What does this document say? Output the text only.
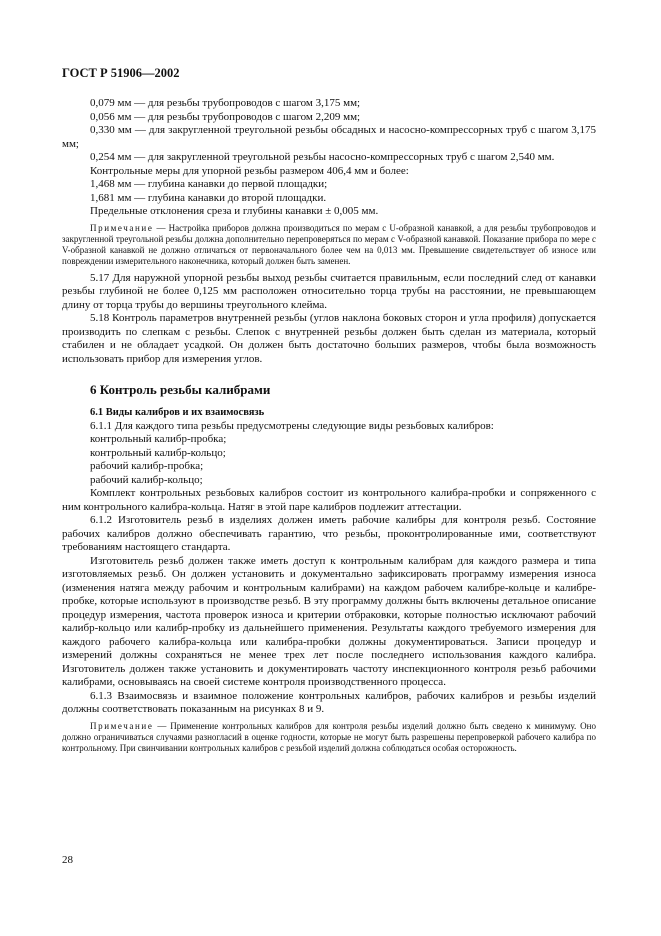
ГОСТ Р 51906—2002

0,079 мм — для резьбы трубопроводов с шагом 3,175 мм;

0,056 мм — для резьбы трубопроводов с шагом 2,209 мм;

0,330 мм — для закругленной треугольной резьбы обсадных и насосно-компрессорных труб с шагом 3,175 мм;

0,254 мм — для закругленной треугольной резьбы насосно-компрессорных труб с шагом 2,540 мм.

Контрольные меры для упорной резьбы размером 406,4 мм и более:

1,468 мм — глубина канавки до первой площадки;

1,681 мм — глубина канавки до второй площадки.

Предельные отклонения среза и глубины канавки ± 0,005 мм.

Примечание — Настройка приборов должна производиться по мерам с U-образной канавкой, а для резьбы трубопроводов и закругленной треугольной резьбы должна дополнительно перепроверяться по мерам с V-образной канавкой. Показание прибора по мере с V-образной канавкой не должно отличаться от первоначального более чем на 0,013 мм. Превышение свидетельствует об износе или повреждении измерительного наконечника, который должен быть заменен.

5.17 Для наружной упорной резьбы выход резьбы считается правильным, если последний след от канавки резьбы глубиной не более 0,125 мм расположен относительно торца трубы на расстоянии, не превышающем длину от торца трубы до вершины треугольного клейма.

5.18 Контроль параметров внутренней резьбы (углов наклона боковых сторон и угла профиля) допускается производить по слепкам с резьбы. Слепок с внутренней резьбы должен быть сделан из материала, который стабилен и не обладает усадкой. Он должен быть достаточно больших размеров, чтобы была возможность использовать прибор для измерения углов.

6 Контроль резьбы калибрами

6.1 Виды калибров и их взаимосвязь

6.1.1 Для каждого типа резьбы предусмотрены следующие виды резьбовых калибров:

контрольный калибр-пробка;

контрольный калибр-кольцо;

рабочий калибр-пробка;

рабочий калибр-кольцо;

Комплект контрольных резьбовых калибров состоит из контрольного калибра-пробки и сопряженного с ним контрольного калибра-кольца. Натяг в этой паре калибров подлежит аттестации.

6.1.2 Изготовитель резьб в изделиях должен иметь рабочие калибры для контроля резьб. Состояние рабочих калибров должно обеспечивать гарантию, что резьбы, проконтролированные ими, соответствуют требованиям настоящего стандарта.

Изготовитель резьб должен также иметь доступ к контрольным калибрам для каждого размера и типа изготовляемых резьб. Он должен установить и документально зафиксировать программу измерения износа (изменения натяга между рабочим и контрольным калибрами) на каждом рабочем калибре-кольце и калибре-пробке, которые используют в производстве резьб. В эту программу должны быть включены детальное описание процедур измерения, частота проверок износа и критерии отбраковки, которые полностью исключают рабочий калибр-кольцо или калибр-пробку из дальнейшего применения. Результаты каждого требуемого измерения для каждого рабочего калибра-кольца или калибра-пробки должны документироваться. Записи процедур и измерений должны сохраняться не менее трех лет после последнего использования каждого калибра. Изготовитель должен также установить и документировать частоту инспекционного контроля резьб рабочими калибрами, основываясь на своей системе контроля производственного процесса.

6.1.3 Взаимосвязь и взаимное положение контрольных калибров, рабочих калибров и резьбы изделий должны соответствовать показанным на рисунках 8 и 9.

Примечание — Применение контрольных калибров для контроля резьбы изделий должно быть сведено к минимуму. Оно должно ограничиваться случаями разногласий в оценке годности, которые не могут быть разрешены перепроверкой рабочего калибра по контрольному. При свинчивании контрольных калибров с резьбой изделий должна соблюдаться особая осторожность.

28
